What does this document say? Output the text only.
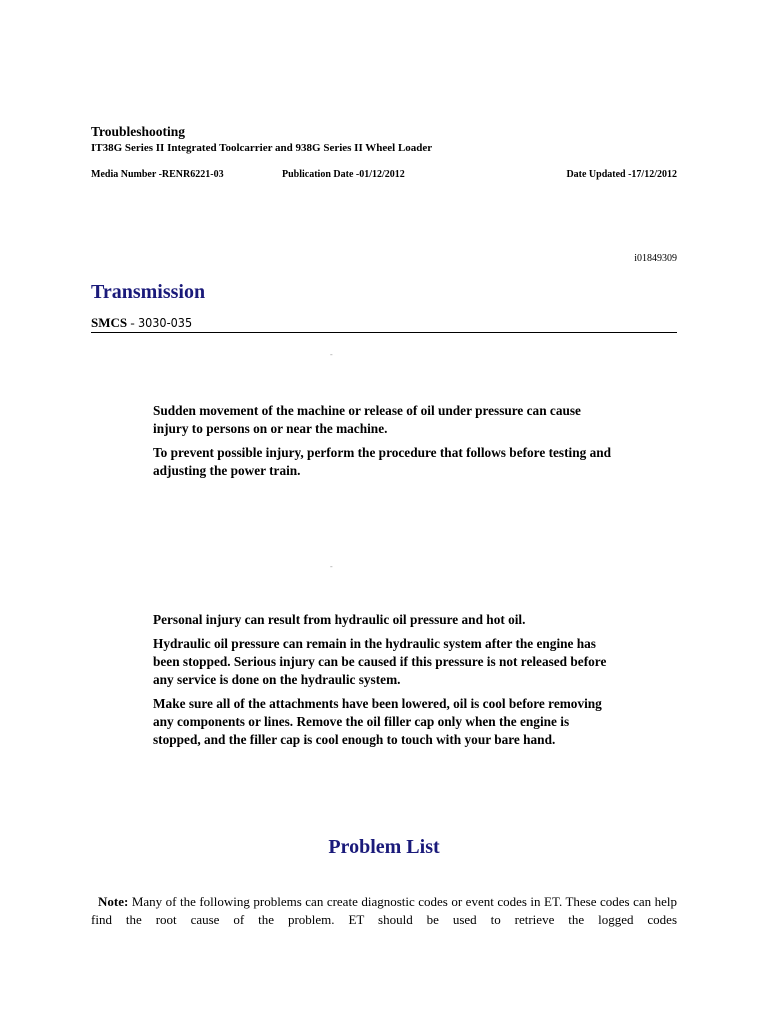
Troubleshooting
IT38G Series II Integrated Toolcarrier and 938G Series II Wheel Loader
Media Number -RENR6221-03	Publication Date -01/12/2012	Date Updated -17/12/2012
i01849309
Transmission
SMCS - 3030-035
-

Sudden movement of the machine or release of oil under pressure can cause injury to persons on or near the machine.

To prevent possible injury, perform the procedure that follows before testing and adjusting the power train.

-

Personal injury can result from hydraulic oil pressure and hot oil.

Hydraulic oil pressure can remain in the hydraulic system after the engine has been stopped. Serious injury can be caused if this pressure is not released before any service is done on the hydraulic system.

Make sure all of the attachments have been lowered, oil is cool before removing any components or lines. Remove the oil filler cap only when the engine is stopped, and the filler cap is cool enough to touch with your bare hand.

Problem List
Note: Many of the following problems can create diagnostic codes or event codes in ET. These codes can help find the root cause of the problem. ET should be used to retrieve the logged codes
